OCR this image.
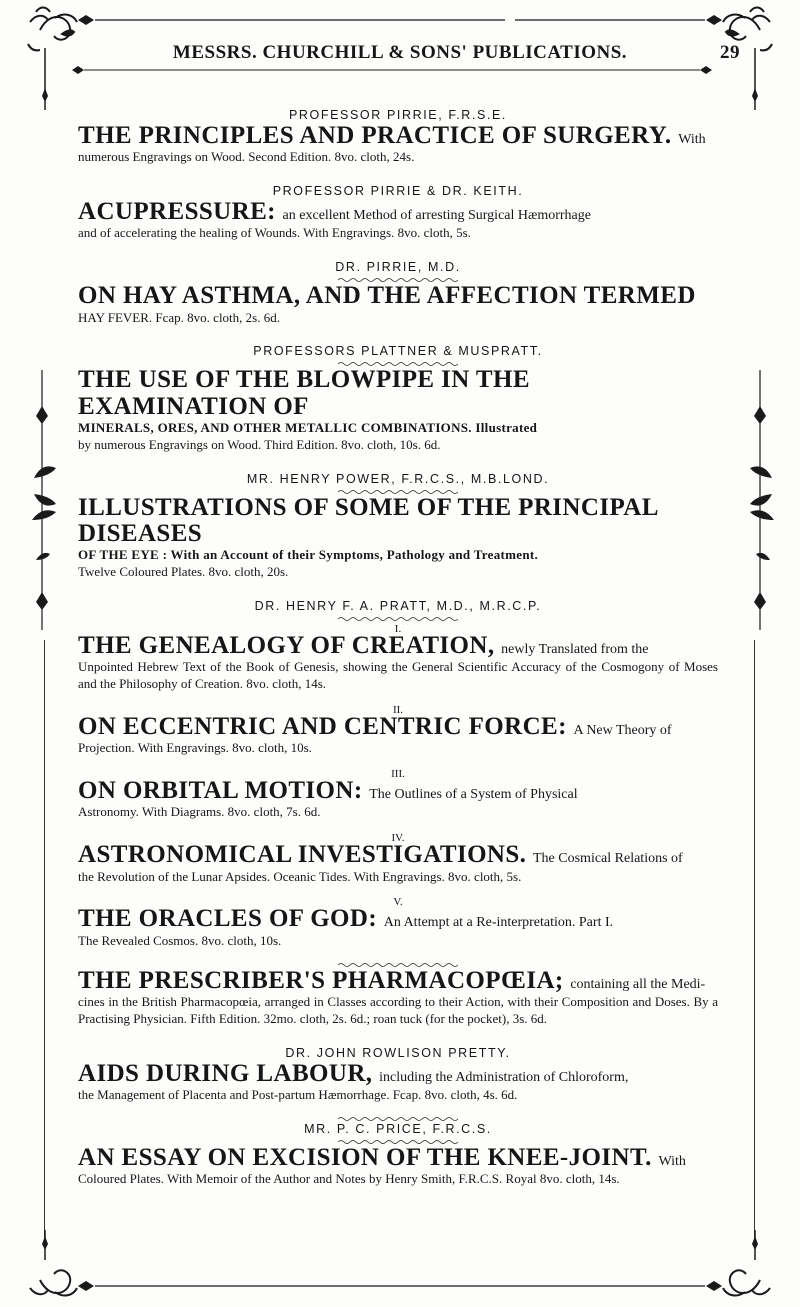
MESSRS. CHURCHILL & SONS' PUBLICATIONS.	29

PROFESSOR PIRRIE, F.R.S.E.

THE PRINCIPLES AND PRACTICE OF SURGERY. With

numerous Engravings on Wood. Second Edition. 8vo. cloth, 24s.

PROFESSOR PIRRIE & DR. KEITH.

ACUPRESSURE: an excellent Method of arresting Surgical Hæmorrhage

and of accelerating the healing of Wounds. With Engravings. 8vo. cloth, 5s.

DR. PIRRIE, M.D.

ON HAY ASTHMA, AND THE AFFECTION TERMED

HAY FEVER. Fcap. 8vo. cloth, 2s. 6d.

PROFESSORS PLATTNER & MUSPRATT.

THE USE OF THE BLOWPIPE IN THE EXAMINATION OF

MINERALS, ORES, AND OTHER METALLIC COMBINATIONS. Illustrated

by numerous Engravings on Wood. Third Edition. 8vo. cloth, 10s. 6d.

MR. HENRY POWER, F.R.C.S., M.B.LOND.

ILLUSTRATIONS OF SOME OF THE PRINCIPAL DISEASES

OF THE EYE : With an Account of their Symptoms, Pathology and Treatment.

Twelve Coloured Plates. 8vo. cloth, 20s.

DR. HENRY F. A. PRATT, M.D., M.R.C.P.

I.

THE GENEALOGY OF CREATION, newly Translated from the

Unpointed Hebrew Text of the Book of Genesis, showing the General Scientific Accuracy of the Cosmogony of Moses and the Philosophy of Creation. 8vo. cloth, 14s.

II.

ON ECCENTRIC AND CENTRIC FORCE: A New Theory of

Projection. With Engravings. 8vo. cloth, 10s.

III.

ON ORBITAL MOTION: The Outlines of a System of Physical

Astronomy. With Diagrams. 8vo. cloth, 7s. 6d.

IV.

ASTRONOMICAL INVESTIGATIONS. The Cosmical Relations of

the Revolution of the Lunar Apsides. Oceanic Tides. With Engravings. 8vo. cloth, 5s.

V.

THE ORACLES OF GOD: An Attempt at a Re-interpretation. Part I.

The Revealed Cosmos. 8vo. cloth, 10s.

THE PRESCRIBER'S PHARMACOPŒIA; containing all the Medi-

cines in the British Pharmacopœia, arranged in Classes according to their Action, with their Composition and Doses. By a Practising Physician. Fifth Edition. 32mo. cloth, 2s. 6d.; roan tuck (for the pocket), 3s. 6d.

DR. JOHN ROWLISON PRETTY.

AIDS DURING LABOUR, including the Administration of Chloroform,

the Management of Placenta and Post-partum Hæmorrhage. Fcap. 8vo. cloth, 4s. 6d.

MR. P. C. PRICE, F.R.C.S.

AN ESSAY ON EXCISION OF THE KNEE-JOINT. With

Coloured Plates. With Memoir of the Author and Notes by Henry Smith, F.R.C.S. Royal 8vo. cloth, 14s.
